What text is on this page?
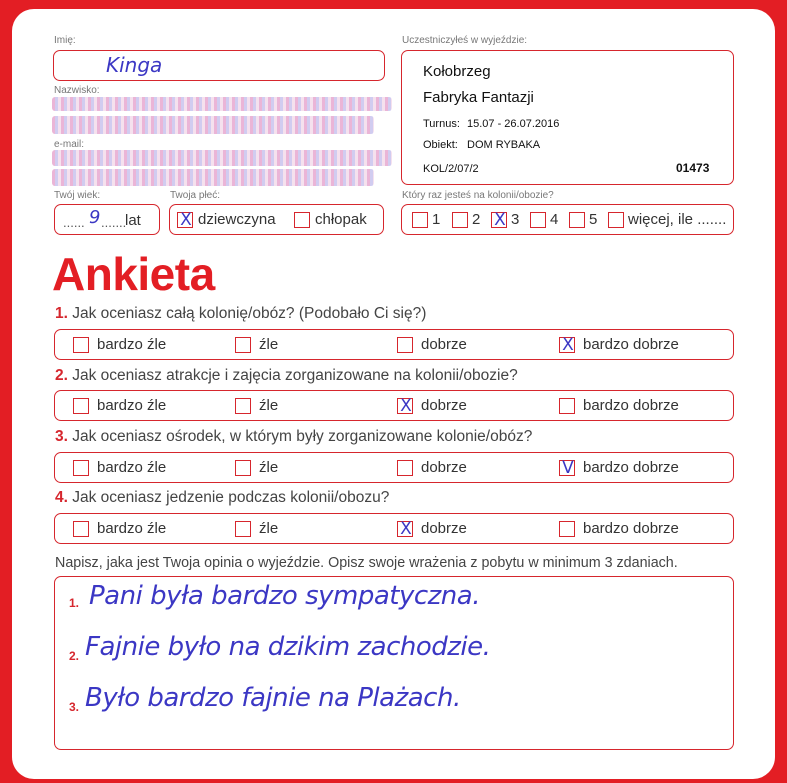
Imię:
Kinga
Nazwisko:
e-mail:
Twój wiek:
...... 9 .......
lat
Twoja płeć:
X dziewczyna	chłopak
Uczestniczyłeś w wyjeździe:
Kołobrzeg
Fabryka Fantazji
Turnus: 15.07 - 26.07.2016
Obiekt: DOM RYBAKA
KOL/2/07/2	01473
Który raz jesteś na kolonii/obozie?
1 2 X 3 4 5 więcej, ile .......
Ankieta
1. Jak oceniasz całą kolonię/obóz? (Podobało Ci się?)
bardzo źle	źle	dobrze	X bardzo dobrze
2. Jak oceniasz atrakcje i zajęcia zorganizowane na kolonii/obozie?
bardzo źle	źle	X dobrze	bardzo dobrze
3. Jak oceniasz ośrodek, w którym były zorganizowane kolonie/obóz?
bardzo źle	źle	dobrze	V bardzo dobrze
4. Jak oceniasz jedzenie podczas kolonii/obozu?
bardzo źle	źle	X dobrze	bardzo dobrze
Napisz, jaka jest Twoja opinia o wyjeździe. Opisz swoje wrażenia z pobytu w minimum 3 zdaniach.
1. Pani była bardzo sympatyczna.
2. Fajnie było na dzikim zachodzie.
3. Było bardzo fajnie na Plażach.
